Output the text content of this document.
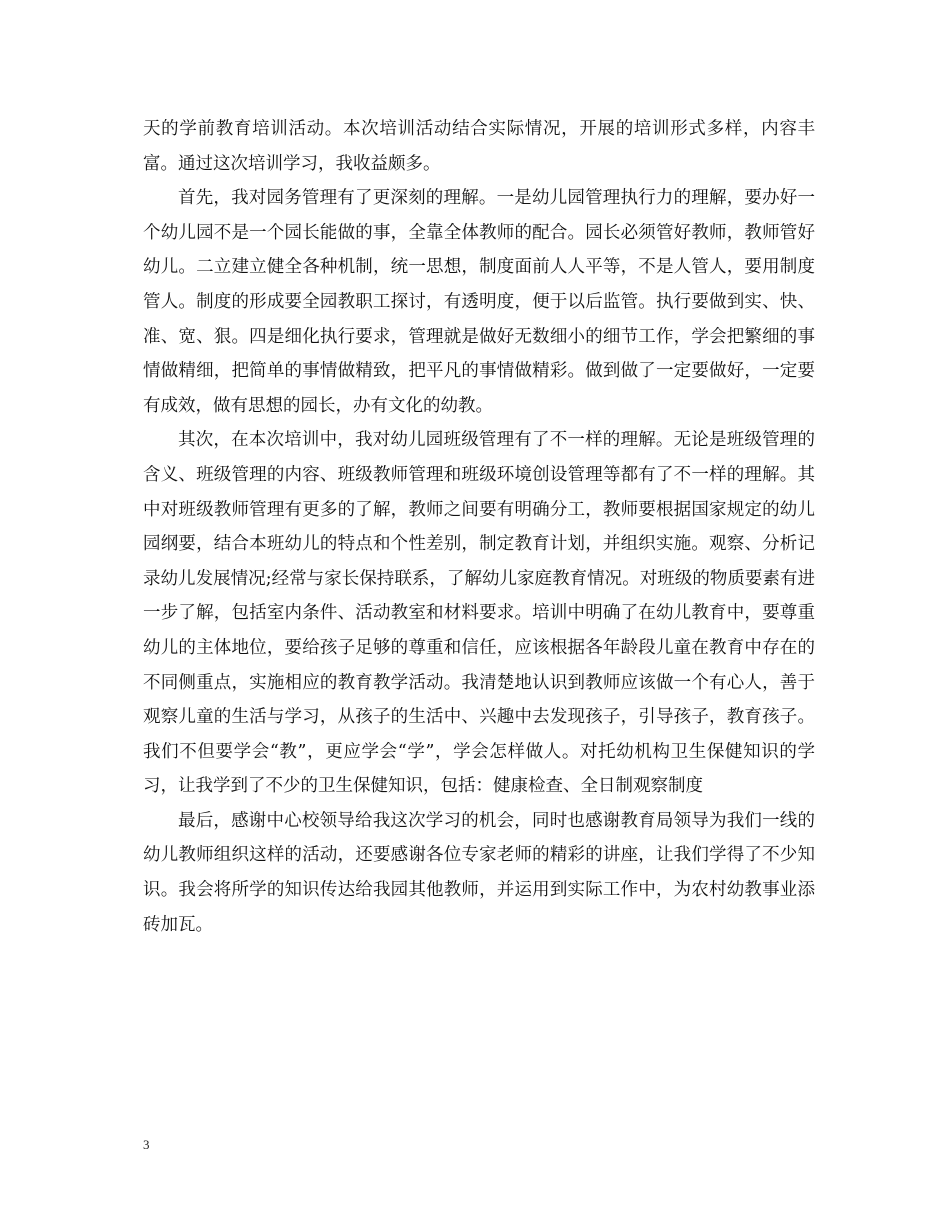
天的学前教育培训活动。本次培训活动结合实际情况，开展的培训形式多样，内容丰富。通过这次培训学习，我收益颇多。

首先，我对园务管理有了更深刻的理解。一是幼儿园管理执行力的理解，要办好一个幼儿园不是一个园长能做的事，全靠全体教师的配合。园长必须管好教师，教师管好幼儿。二立建立健全各种机制，统一思想，制度面前人人平等，不是人管人，要用制度管人。制度的形成要全园教职工探讨，有透明度，便于以后监管。执行要做到实、快、准、宽、狠。四是细化执行要求，管理就是做好无数细小的细节工作，学会把繁细的事情做精细，把简单的事情做精致，把平凡的事情做精彩。做到做了一定要做好，一定要有成效，做有思想的园长，办有文化的幼教。

其次，在本次培训中，我对幼儿园班级管理有了不一样的理解。无论是班级管理的含义、班级管理的内容、班级教师管理和班级环境创设管理等都有了不一样的理解。其中对班级教师管理有更多的了解，教师之间要有明确分工，教师要根据国家规定的幼儿园纲要，结合本班幼儿的特点和个性差别，制定教育计划，并组织实施。观察、分析记录幼儿发展情况;经常与家长保持联系，了解幼儿家庭教育情况。对班级的物质要素有进一步了解，包括室内条件、活动教室和材料要求。培训中明确了在幼儿教育中，要尊重幼儿的主体地位，要给孩子足够的尊重和信任，应该根据各年龄段儿童在教育中存在的不同侧重点，实施相应的教育教学活动。我清楚地认识到教师应该做一个有心人，善于观察儿童的生活与学习，从孩子的生活中、兴趣中去发现孩子，引导孩子，教育孩子。我们不但要学会“教”，更应学会“学”，学会怎样做人。对托幼机构卫生保健知识的学习，让我学到了不少的卫生保健知识，包括：健康检查、全日制观察制度

最后，感谢中心校领导给我这次学习的机会，同时也感谢教育局领导为我们一线的幼儿教师组织这样的活动，还要感谢各位专家老师的精彩的讲座，让我们学得了不少知识。我会将所学的知识传达给我园其他教师，并运用到实际工作中，为农村幼教事业添砖加瓦。

3
